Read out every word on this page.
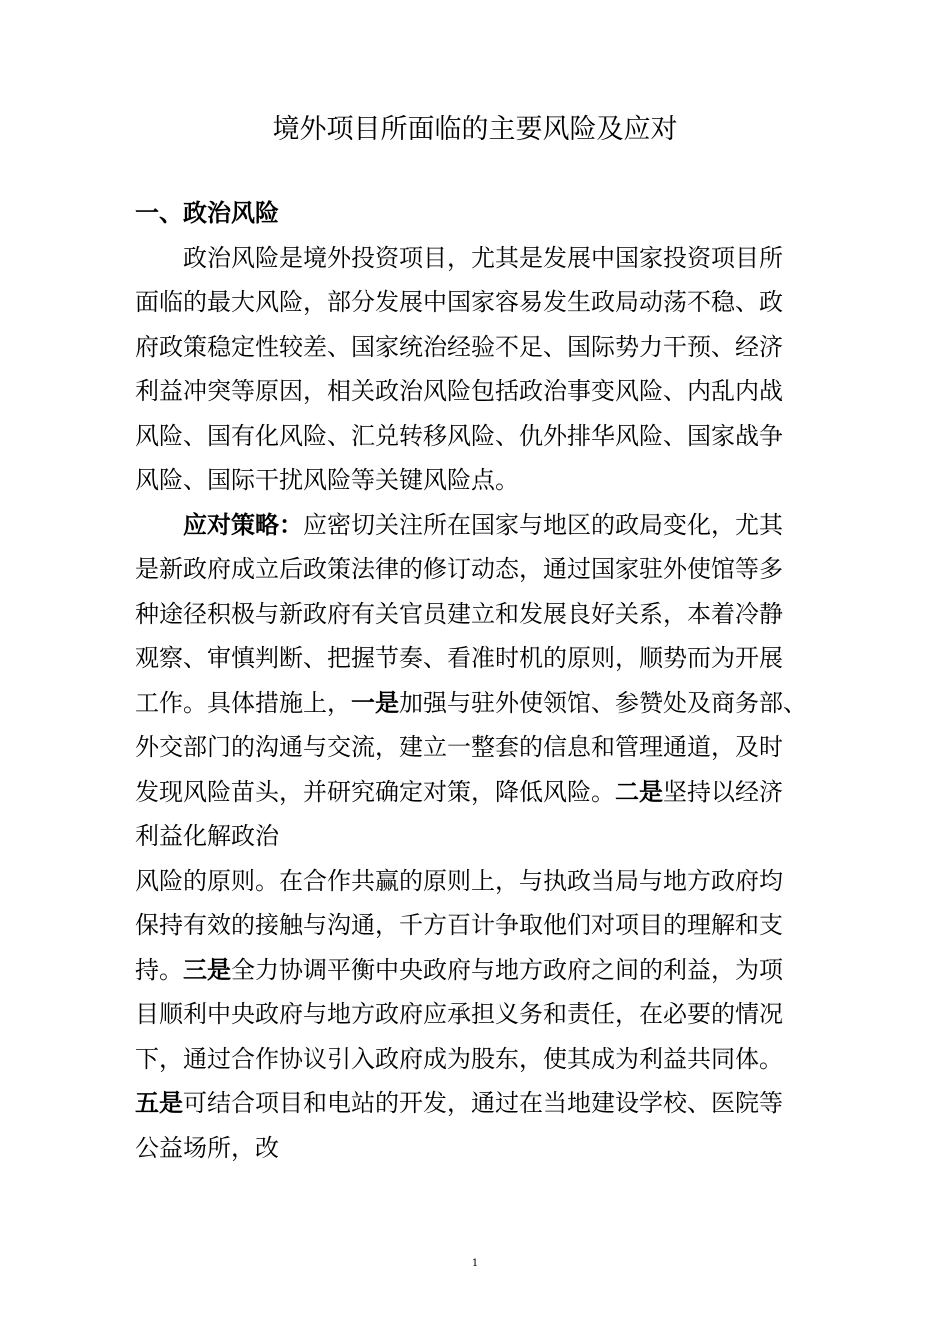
境外项目所面临的主要风险及应对
一、政治风险
政治风险是境外投资项目，尤其是发展中国家投资项目所
面临的最大风险，部分发展中国家容易发生政局动荡不稳、政
府政策稳定性较差、国家统治经验不足、国际势力干预、经济
利益冲突等原因，相关政治风险包括政治事变风险、内乱内战
风险、国有化风险、汇兑转移风险、仇外排华风险、国家战争
风险、国际干扰风险等关键风险点。
应对策略：应密切关注所在国家与地区的政局变化，尤其
是新政府成立后政策法律的修订动态，通过国家驻外使馆等多
种途径积极与新政府有关官员建立和发展良好关系，本着冷静
观察、审慎判断、把握节奏、看准时机的原则，顺势而为开展
工作。具体措施上，一是加强与驻外使领馆、参赞处及商务部、
外交部门的沟通与交流，建立一整套的信息和管理通道，及时
发现风险苗头，并研究确定对策，降低风险。二是坚持以经济
利益化解政治
风险的原则。在合作共赢的原则上，与执政当局与地方政府均
保持有效的接触与沟通，千方百计争取他们对项目的理解和支
持。三是全力协调平衡中央政府与地方政府之间的利益，为项
目顺利中央政府与地方政府应承担义务和责任，在必要的情况
下，通过合作协议引入政府成为股东，使其成为利益共同体。
五是可结合项目和电站的开发，通过在当地建设学校、医院等
公益场所，改
1
